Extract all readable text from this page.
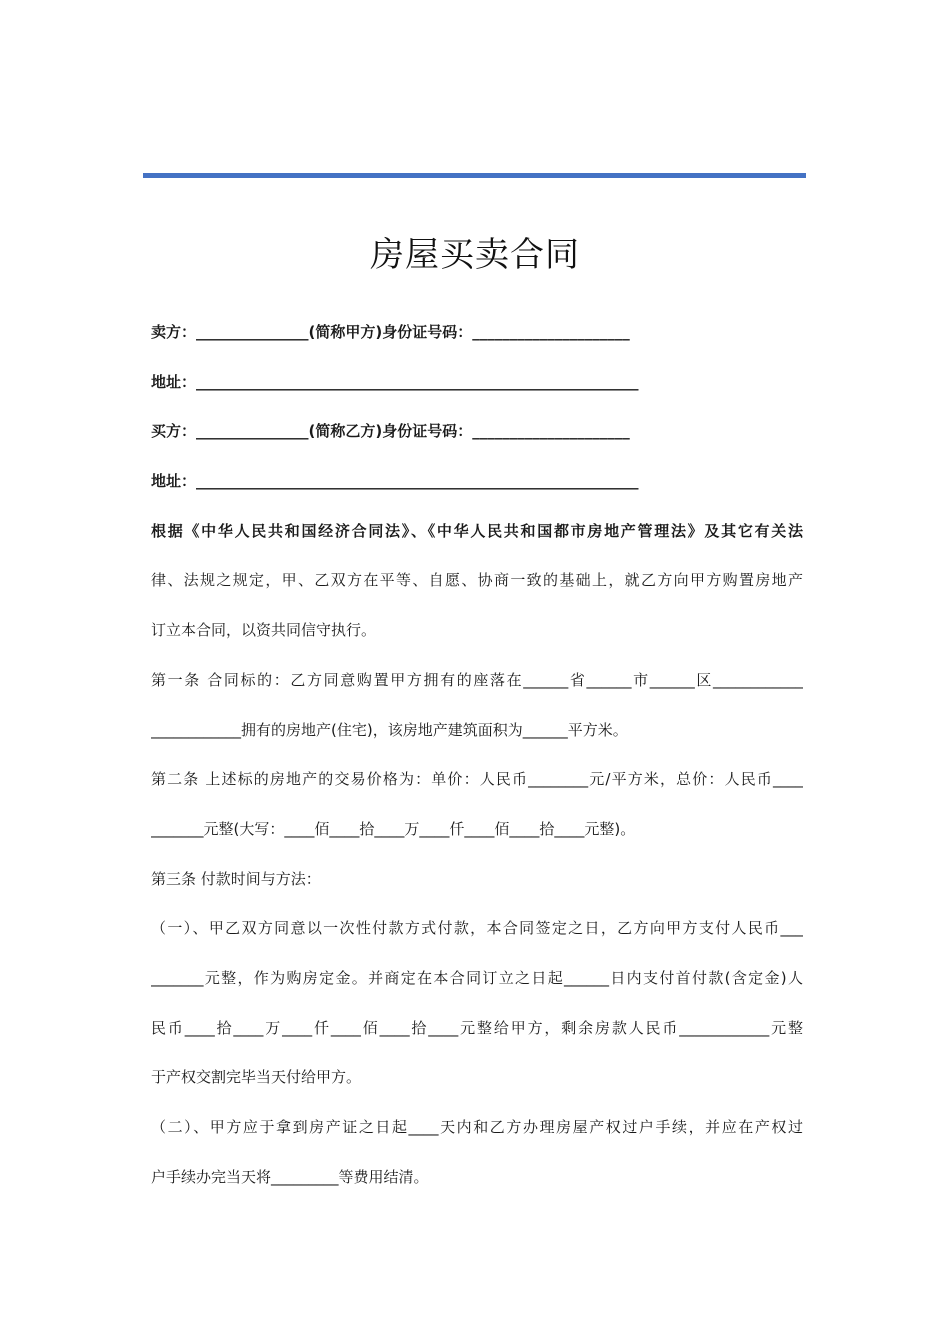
房屋买卖合同
卖方：_______________(简称甲方)身份证号码：_____________________
地址：___________________________________________________________
买方：_______________(简称乙方)身份证号码：_____________________
地址：___________________________________________________________
根据《中华人民共和国经济合同法》、《中华人民共和国都市房地产管理法》及其它有关法
律、法规之规定，甲、乙双方在平等、自愿、协商一致的基础上，就乙方向甲方购置房地产
订立本合同，以资共同信守执行。
第一条 合同标的：乙方同意购置甲方拥有的座落在______省______市______区____________
____________拥有的房地产(住宅)，该房地产建筑面积为______平方米。
第二条 上述标的房地产的交易价格为：单价：人民币________元/平方米，总价：人民币____
_______元整(大写：____佰____拾____万____仟____佰____拾____元整)。
第三条 付款时间与方法：
（一）、甲乙双方同意以一次性付款方式付款，本合同签定之日，乙方向甲方支付人民币___
_______元整，作为购房定金。并商定在本合同订立之日起______日内支付首付款(含定金)人
民币____拾____万____仟____佰____拾____元整给甲方，剩余房款人民币____________元整
于产权交割完毕当天付给甲方。
（二）、甲方应于拿到房产证之日起____天内和乙方办理房屋产权过户手续，并应在产权过
户手续办完当天将_________等费用结清。
